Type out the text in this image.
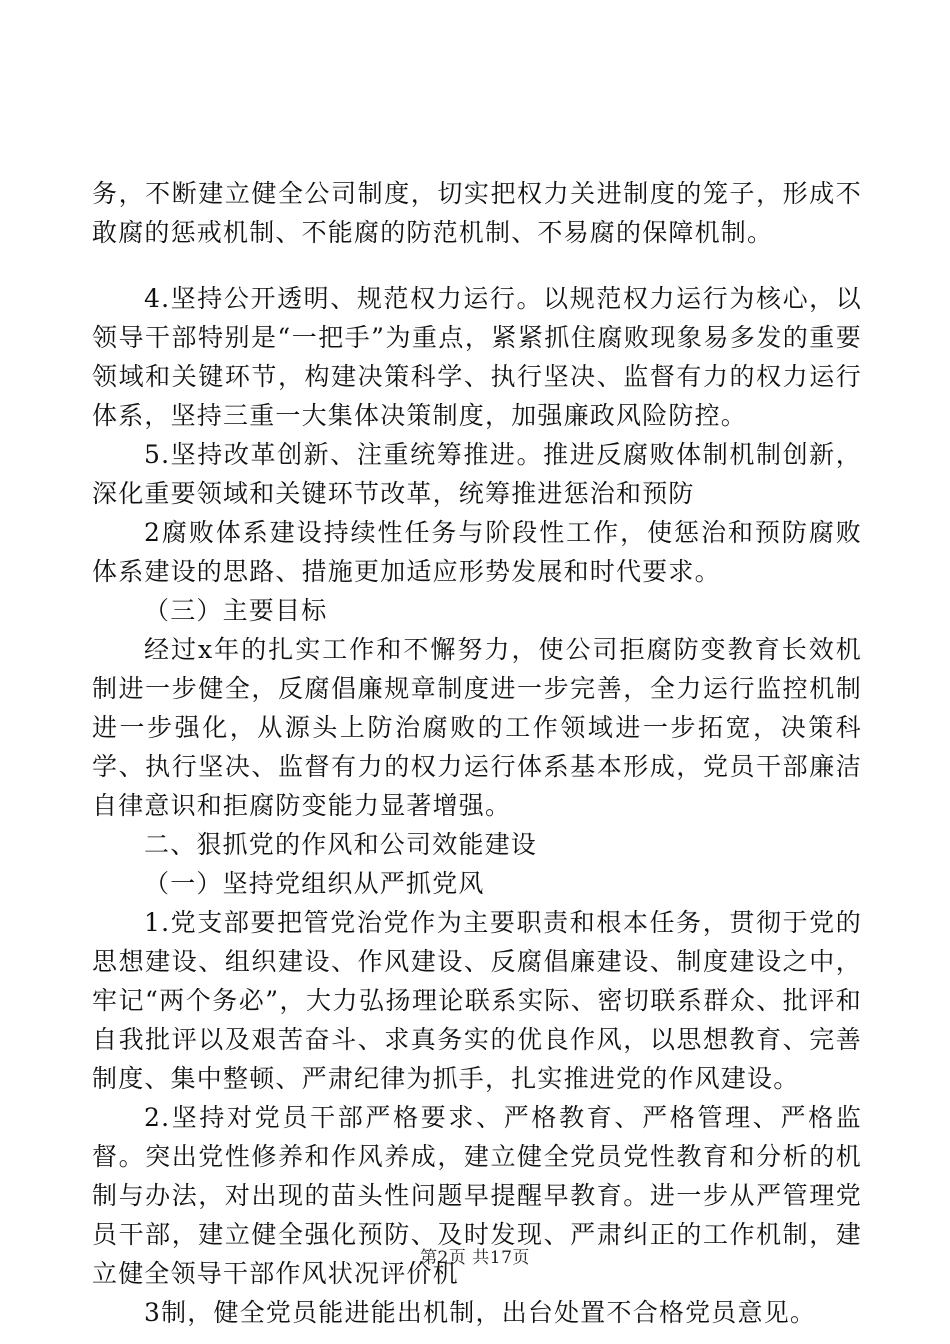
务，不断建立健全公司制度，切实把权力关进制度的笼子，形成不敢腐的惩戒机制、不能腐的防范机制、不易腐的保障机制。

4.坚持公开透明、规范权力运行。以规范权力运行为核心，以领导干部特别是“一把手”为重点，紧紧抓住腐败现象易多发的重要领域和关键环节，构建决策科学、执行坚决、监督有力的权力运行体系，坚持三重一大集体决策制度，加强廉政风险防控。

5.坚持改革创新、注重统筹推进。推进反腐败体制机制创新，深化重要领域和关键环节改革，统筹推进惩治和预防

2腐败体系建设持续性任务与阶段性工作，使惩治和预防腐败体系建设的思路、措施更加适应形势发展和时代要求。

（三）主要目标

经过x年的扎实工作和不懈努力，使公司拒腐防变教育长效机制进一步健全，反腐倡廉规章制度进一步完善，全力运行监控机制进一步强化，从源头上防治腐败的工作领域进一步拓宽，决策科学、执行坚决、监督有力的权力运行体系基本形成，党员干部廉洁自律意识和拒腐防变能力显著增强。

二、狠抓党的作风和公司效能建设

（一）坚持党组织从严抓党风

1.党支部要把管党治党作为主要职责和根本任务，贯彻于党的思想建设、组织建设、作风建设、反腐倡廉建设、制度建设之中，牢记“两个务必”，大力弘扬理论联系实际、密切联系群众、批评和自我批评以及艰苦奋斗、求真务实的优良作风，以思想教育、完善制度、集中整顿、严肃纪律为抓手，扎实推进党的作风建设。

2.坚持对党员干部严格要求、严格教育、严格管理、严格监督。突出党性修养和作风养成，建立健全党员党性教育和分析的机制与办法，对出现的苗头性问题早提醒早教育。进一步从严管理党员干部，建立健全强化预防、及时发现、严肃纠正的工作机制，建立健全领导干部作风状况评价机

3制，健全党员能进能出机制，出台处置不合格党员意见。

第2页 共17页
